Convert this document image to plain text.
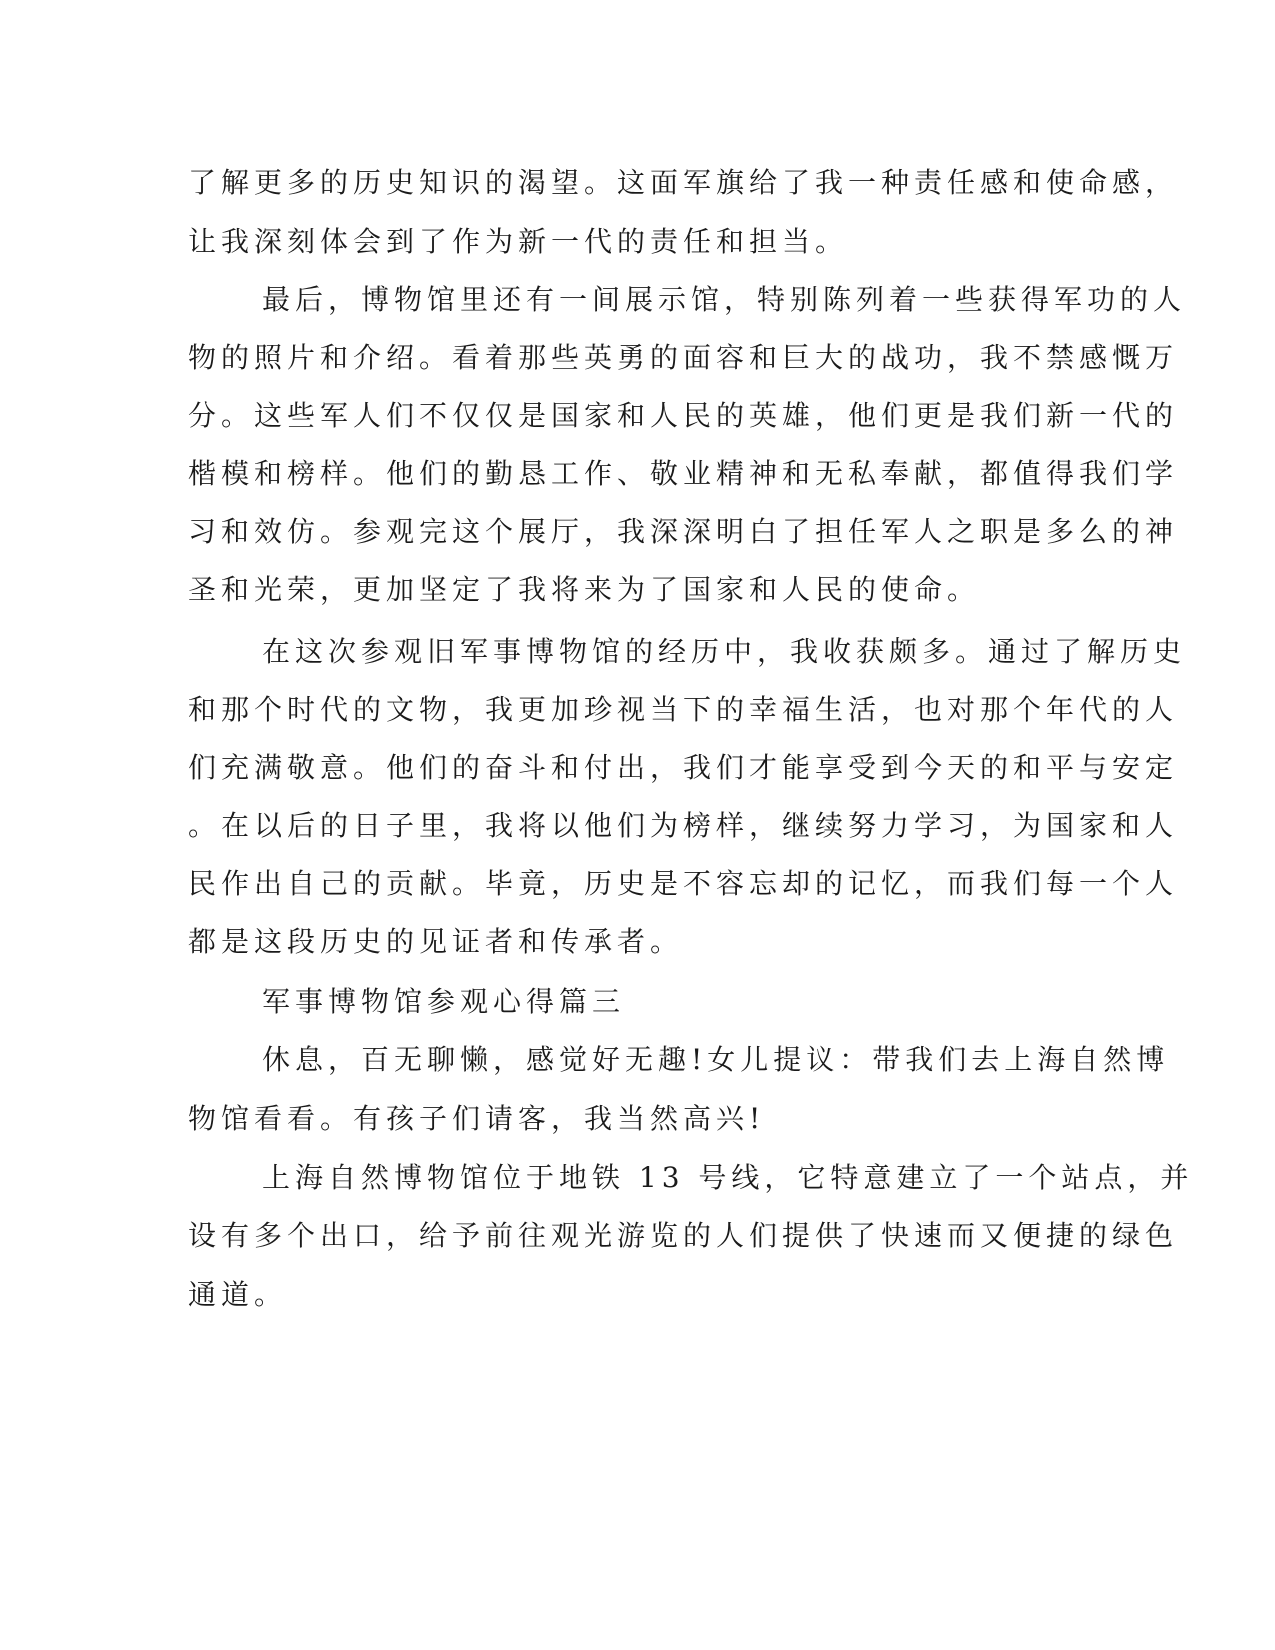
了解更多的历史知识的渴望。这面军旗给了我一种责任感和使命感，
让我深刻体会到了作为新一代的责任和担当。
最后，博物馆里还有一间展示馆，特别陈列着一些获得军功的人
物的照片和介绍。看着那些英勇的面容和巨大的战功，我不禁感慨万
分。这些军人们不仅仅是国家和人民的英雄，他们更是我们新一代的
楷模和榜样。他们的勤恳工作、敬业精神和无私奉献，都值得我们学
习和效仿。参观完这个展厅，我深深明白了担任军人之职是多么的神
圣和光荣，更加坚定了我将来为了国家和人民的使命。
在这次参观旧军事博物馆的经历中，我收获颇多。通过了解历史
和那个时代的文物，我更加珍视当下的幸福生活，也对那个年代的人
们充满敬意。他们的奋斗和付出，我们才能享受到今天的和平与安定
。在以后的日子里，我将以他们为榜样，继续努力学习，为国家和人
民作出自己的贡献。毕竟，历史是不容忘却的记忆，而我们每一个人
都是这段历史的见证者和传承者。
军事博物馆参观心得篇三
休息，百无聊懒，感觉好无趣!女儿提议：带我们去上海自然博
物馆看看。有孩子们请客，我当然高兴!
上海自然博物馆位于地铁 13 号线，它特意建立了一个站点，并
设有多个出口，给予前往观光游览的人们提供了快速而又便捷的绿色
通道。
